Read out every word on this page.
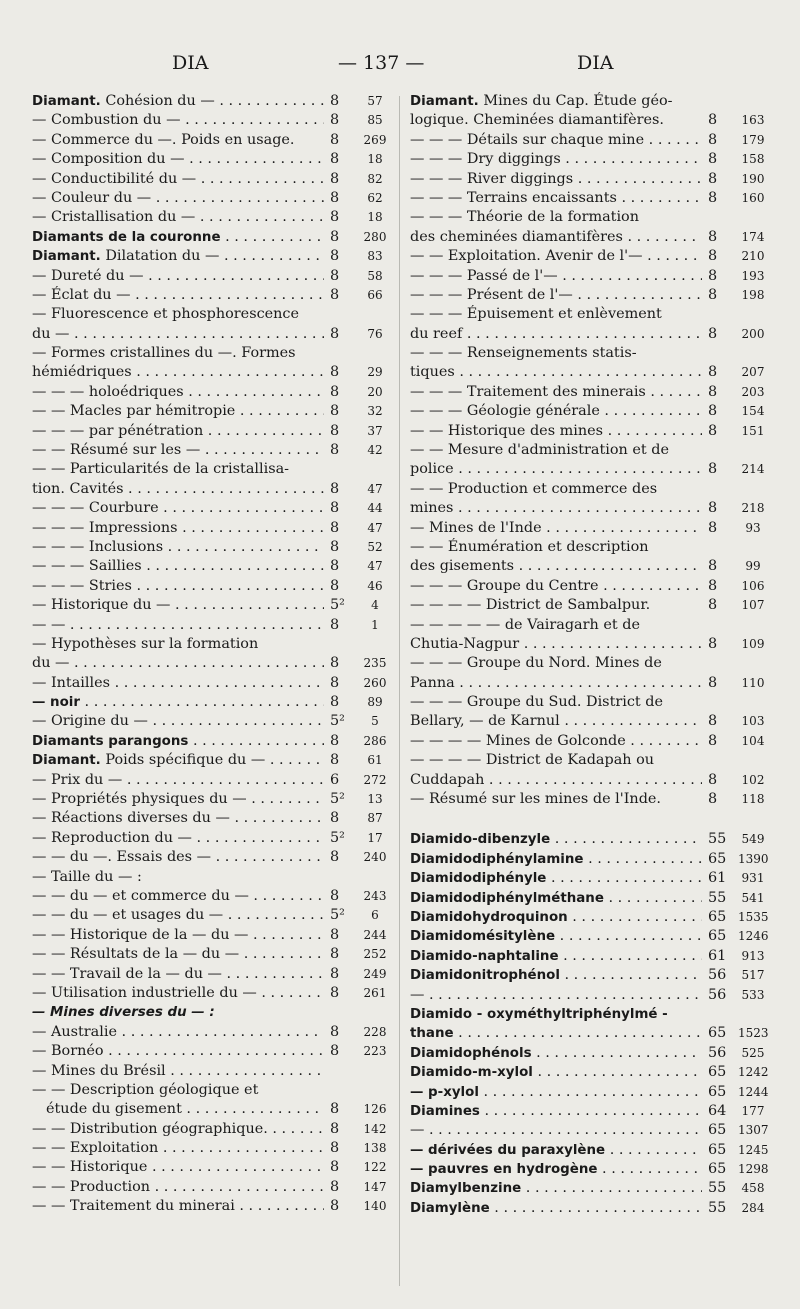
DIA	— 137 —	DIA
Diamant. Cohésion du — . . .	8	57
— Combustion du — . . .	8	85
— Commerce du —. Poids en usage.	8	269
— Composition du — . . .	8	18
— Conductibilité du — . . .	8	82
— Couleur du — . . .	8	62
— Cristallisation du — . . .	8	18
Diamants de la couronne . . .	8	280
Diamant. Dilatation du — . . .	8	83
— Dureté du — . . .	8	58
— Éclat du — . . .	8	66
— Fluorescence et phosphorescence
du — . . .	8	76
— Formes cristallines du —. Formes
hémiédriques . . .	8	29
— — — holoédriques . . .	8	20
— — Macles par hémitropie . . .	8	32
— — — par pénétration . . .	8	37
— — Résumé sur les — . . .	8	42
— — Particularités de la cristallisa-
tion. Cavités . . .	8	47
— — — Courbure . . .	8	44
— — — Impressions . . .	8	47
— — — Inclusions . . .	8	52
— — — Saillies . . .	8	47
— — — Stries . . .	8	46
— Historique du — . . .	5²	4
— — . . .	8	1
— Hypothèses sur la formation
du — . . .	8	235
— Intailles . . .	8	260
— noir . . .	8	89
— Origine du — . . .	5²	5
Diamants parangons . . .	8	286
Diamant. Poids spécifique du — . . .	8	61
— Prix du — . . .	6	272
— Propriétés physiques du — . . .	5²	13
— Réactions diverses du — . . .	8	87
— Reproduction du — . . .	5²	17
— — du —. Essais des — . . .	8	240
— Taille du — :
— — du — et commerce du — . . .	8	243
— — du — et usages du — . . .	5²	6
— — Historique de la — du — . . .	8	244
— — Résultats de la — du — . . .	8	252
— — Travail de la — du — . . .	8	249
— Utilisation industrielle du — . . .	8	261
— Mines diverses du — :
— Australie . . .	8	228
— Bornéo . . .	8	223
— Mines du Brésil . . .
— — Description géologique et
étude du gisement . . .	8	126
— — Distribution géographique. . . .	8	142
— — Exploitation . . .	8	138
— — Historique . . .	8	122
— — Production . . .	8	147
— — Traitement du minerai . . .	8	140
Diamant. Mines du Cap. Étude géo-
logique. Cheminées diamantifères.	8	163
— — — Détails sur chaque mine . . .	8	179
— — — Dry diggings . . .	8	158
— — — River diggings . . .	8	190
— — — Terrains encaissants . . .	8	160
— — — Théorie de la formation
des cheminées diamantifères . . .	8	174
— — Exploitation. Avenir de l'— . . .	8	210
— — — Passé de l'— . . .	8	193
— — — Présent de l'— . . .	8	198
— — — Épuisement et enlèvement
du reef . . .	8	200
— — — Renseignements statis-
tiques . . .	8	207
— — — Traitement des minerais . . .	8	203
— — — Géologie générale . . .	8	154
— — Historique des mines . . .	8	151
— — Mesure d'administration et de
police . . .	8	214
— — Production et commerce des
mines . . .	8	218
— Mines de l'Inde . . .	8	93
— — Énumération et description
des gisements . . .	8	99
— — — Groupe du Centre . . .	8	106
— — — — District de Sambalpur.	8	107
— — — — — de Vairagarh et de
Chutia-Nagpur . . .	8	109
— — — Groupe du Nord. Mines de
Panna . . .	8	110
— — — Groupe du Sud. District de
Bellary, — de Karnul . . .	8	103
— — — — Mines de Golconde . . .	8	104
— — — — District de Kadapah ou
Cuddapah . . .	8	102
— Résumé sur les mines de l'Inde.	8	118
Diamido-dibenzyle . . .	55	549
Diamidodiphénylamine . . .	65 1390
Diamidodiphényle . . .	61	931
Diamidodiphénylméthane . . .	55	541
Diamidohydroquinon . . .	65 1535
Diamidomésitylène . . .	65 1246
Diamido-naphtaline . . .	61	913
Diamidonitrophénol . . .	56	517
— . . .	56	533
Diamido - oxyméthyltriphénylmé -
thane . . .	65 1523
Diamidophénols . . .	56	525
Diamido-m-xylol . . .	65 1242
— p-xylol . . .	65 1244
Diamines . . .	64	177
— . . .	65 1307
— dérivées du paraxylène . . .	65 1245
— pauvres en hydrogène . . .	65 1298
Diamylbenzine . . .	55	458
Diamylène . . .	55	284
